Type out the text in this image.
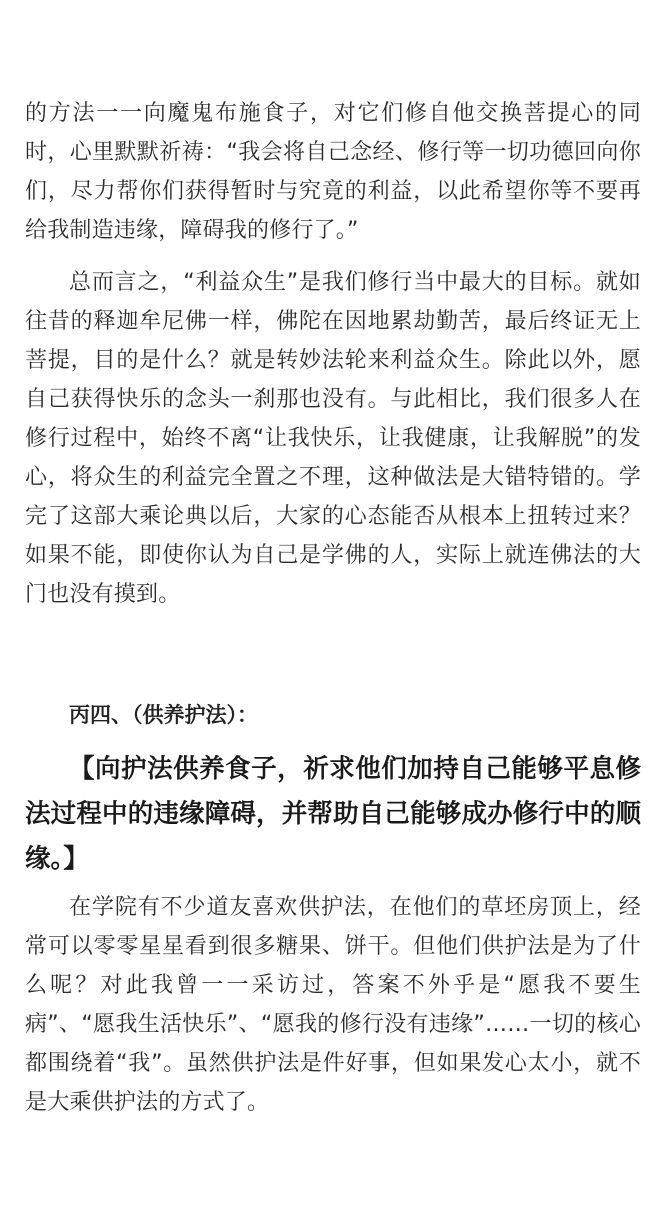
的方法一一向魔鬼布施食子，对它们修自他交换菩提心的同时，心里默默祈祷：“我会将自己念经、修行等一切功德回向你们，尽力帮你们获得暂时与究竟的利益，以此希望你等不要再给我制造违缘，障碍我的修行了。”

总而言之，“利益众生”是我们修行当中最大的目标。就如往昔的释迦牟尼佛一样，佛陀在因地累劫勤苦，最后终证无上菩提，目的是什么？就是转妙法轮来利益众生。除此以外，愿自己获得快乐的念头一刹那也没有。与此相比，我们很多人在修行过程中，始终不离“让我快乐，让我健康，让我解脱”的发心，将众生的利益完全置之不理，这种做法是大错特错的。学完了这部大乘论典以后，大家的心态能否从根本上扭转过来？如果不能，即使你认为自己是学佛的人，实际上就连佛法的大门也没有摸到。

丙四、（供养护法）：

【向护法供养食子，祈求他们加持自己能够平息修法过程中的违缘障碍，并帮助自己能够成办修行中的顺缘。】

在学院有不少道友喜欢供护法，在他们的草坯房顶上，经常可以零零星星看到很多糖果、饼干。但他们供护法是为了什么呢？对此我曾一一采访过，答案不外乎是“愿我不要生病”、“愿我生活快乐”、“愿我的修行没有违缘”……一切的核心都围绕着“我”。虽然供护法是件好事，但如果发心太小，就不是大乘供护法的方式了。
